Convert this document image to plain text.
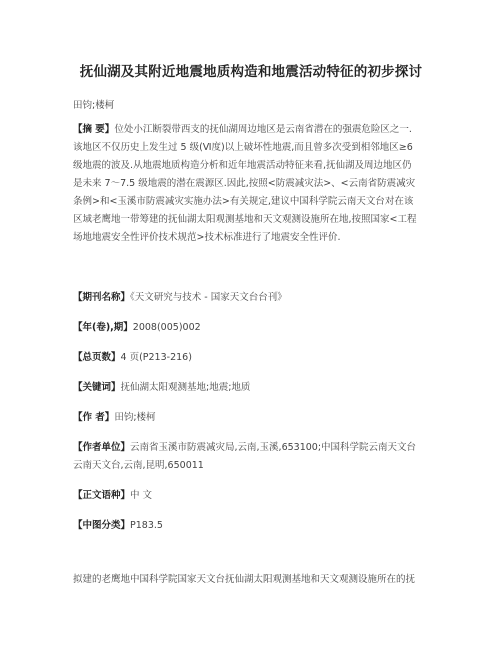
抚仙湖及其附近地震地质构造和地震活动特征的初步探讨
田钧;楼柯

【摘 要】位处小江断裂带西支的抚仙湖周边地区是云南省潜在的强震危险区之一.

该地区不仅历史上发生过 5 级(Ⅵ度)以上破坏性地震,而且曾多次受到相邻地区≥6

级地震的波及.从地震地质构造分析和近年地震活动特征来看,抚仙湖及周边地区仍

是未来 7～7.5 级地震的潜在震源区.因此,按照<防震减灾法>、<云南省防震减灾

条例>和<玉溪市防震减灾实施办法>有关规定,建议中国科学院云南天文台对在该

区域老鹰地一带筹建的抚仙湖太阳观测基地和天文观测设施所在地,按照国家<工程

场地地震安全性评价技术规范>技术标准进行了地震安全性评价.

【期刊名称】《天文研究与技术 - 国家天文台台刊》
【年(卷),期】2008(005)002
【总页数】4 页(P213-216)
【关键词】抚仙湖太阳观测基地;地震;地质
【作 者】田钧;楼柯

【作者单位】云南省玉溪市防震减灾局,云南,玉溪,653100;中国科学院云南天文台

云南天文台,云南,昆明,650011

【正文语种】中 文
【中图分类】P183.5
拟建的老鹰地中国科学院国家天文台抚仙湖太阳观测基地和天文观测设施所在的抚
